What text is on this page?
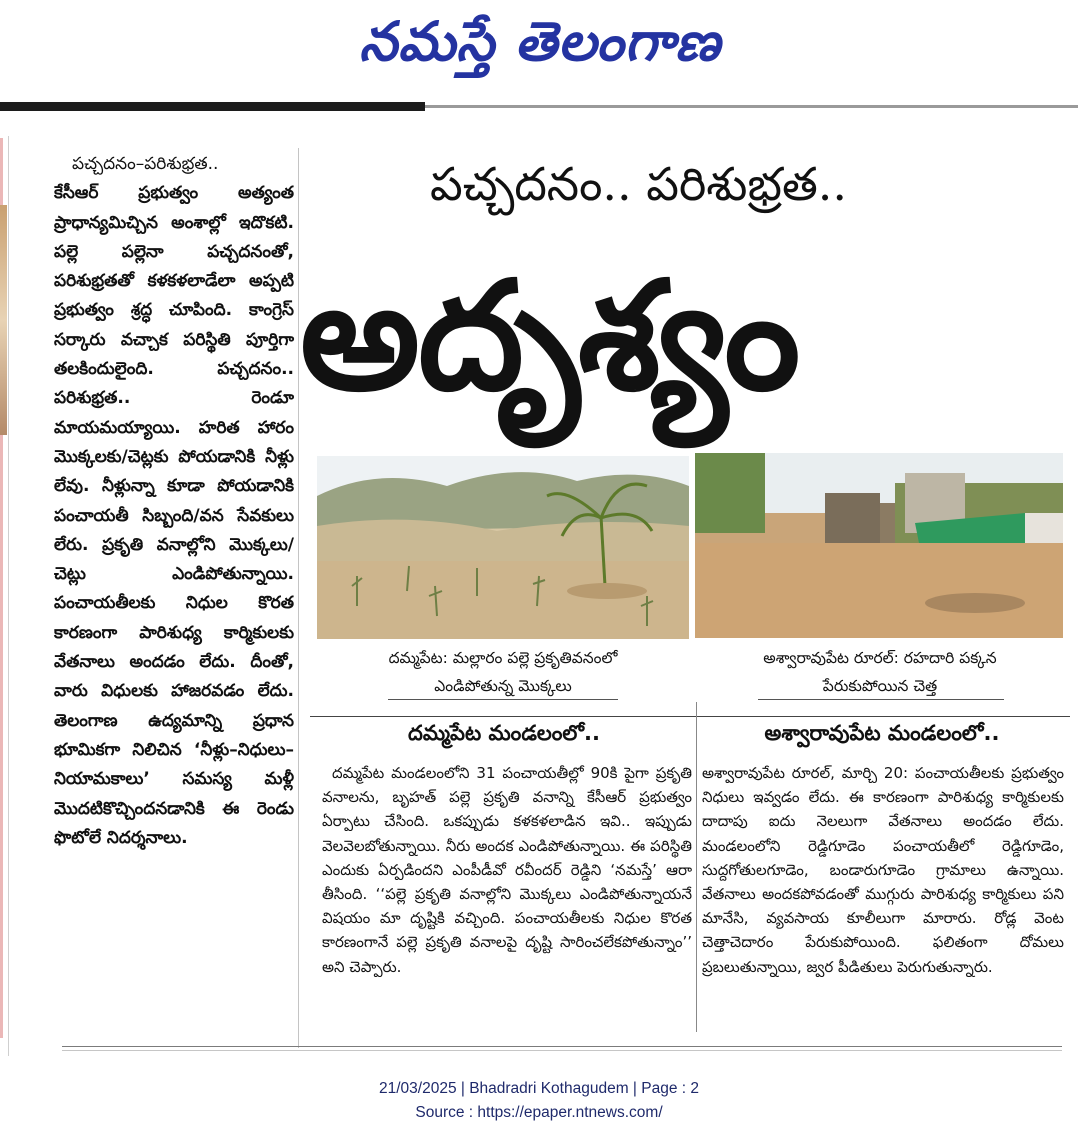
నమస్తే తెలంగాణ

పచ్చదనం–పరిశుభ్రత..

కేసీఆర్ ప్రభుత్వం అత్యంత ప్రాధాన్యమిచ్చిన అంశాల్లో ఇదొకటి. పల్లె పల్లెనా పచ్చదనంతో, పరిశుభ్రతతో కళకళలాడేలా అప్పటి ప్రభుత్వం శ్రద్ధ చూపింది. కాంగ్రెస్ సర్కారు వచ్చాక పరిస్థితి పూర్తిగా తలకిందులైంది. పచ్చదనం.. పరిశుభ్రత.. రెండూ మాయమయ్యాయి. హరిత హారం మొక్కలకు/చెట్లకు పోయడానికి నీళ్లు లేవు. నీళ్లున్నా కూడా పోయడానికి పంచాయతీ సిబ్బంది/వన సేవకులు లేరు. ప్రకృతి వనాల్లోని మొక్కలు/చెట్లు ఎండిపోతున్నాయి. పంచాయతీలకు నిధుల కొరత కారణంగా పారిశుధ్య కార్మికులకు వేతనాలు అందడం లేదు. దీంతో, వారు విధులకు హాజరవడం లేదు. తెలంగాణ ఉద్యమాన్ని ప్రధాన భూమికగా నిలిచిన ‘నీళ్లు–నిధులు–నియామకాలు’ సమస్య మళ్లీ మొదటికొచ్చిందనడానికి ఈ రెండు ఫొటోలే నిదర్శనాలు.

పచ్చదనం.. పరిశుభ్రత..
అదృశ్యం
దమ్మపేట: మల్లారం పల్లె ప్రకృతివనంలో
ఎండిపోతున్న మొక్కలు
అశ్వారావుపేట రూరల్: రహదారి పక్కన
పేరుకుపోయిన చెత్త
దమ్మపేట మండలంలో..	అశ్వారావుపేట మండలంలో..
దమ్మపేట మండలంలోని 31 పంచాయతీల్లో 90కి పైగా ప్రకృతి వనాలను, బృహత్ పల్లె ప్రకృతి వనాన్ని కేసీఆర్ ప్రభుత్వం ఏర్పాటు చేసింది. ఒకప్పుడు కళకళలాడిన ఇవి.. ఇప్పుడు వెలవెలబోతున్నాయి. నీరు అందక ఎండిపోతున్నాయి. ఈ పరిస్థితి ఎందుకు ఏర్పడిందని ఎంపీడీవో రవీందర్ రెడ్డిని ‘నమస్తే’ ఆరా తీసింది. ‘‘పల్లె ప్రకృతి వనాల్లోని మొక్కలు ఎండిపోతున్నాయనే విషయం మా దృష్టికి వచ్చింది. పంచాయతీలకు నిధుల కొరత కారణంగానే పల్లె ప్రకృతి వనాలపై దృష్టి సారించలేకపోతున్నాం’’ అని చెప్పారు.
అశ్వారావుపేట రూరల్, మార్చి 20: పంచాయతీలకు ప్రభుత్వం నిధులు ఇవ్వడం లేదు. ఈ కారణంగా పారిశుధ్య కార్మికులకు దాదాపు ఐదు నెలలుగా వేతనాలు అందడం లేదు. మండలంలోని రెడ్డిగూడెం పంచాయతీలో రెడ్డిగూడెం, సుద్దగోతులగూడెం, బండారుగూడెం గ్రామాలు ఉన్నాయి. వేతనాలు అందకపోవడంతో ముగ్గురు పారిశుధ్య కార్మికులు పని మానేసి, వ్యవసాయ కూలీలుగా మారారు. రోడ్ల వెంట చెత్తాచెదారం పేరుకుపోయింది. ఫలితంగా దోమలు ప్రబలుతున్నాయి, జ్వర పీడితులు పెరుగుతున్నారు.
21/03/2025 | Bhadradri Kothagudem | Page : 2
Source : https://epaper.ntnews.com/
